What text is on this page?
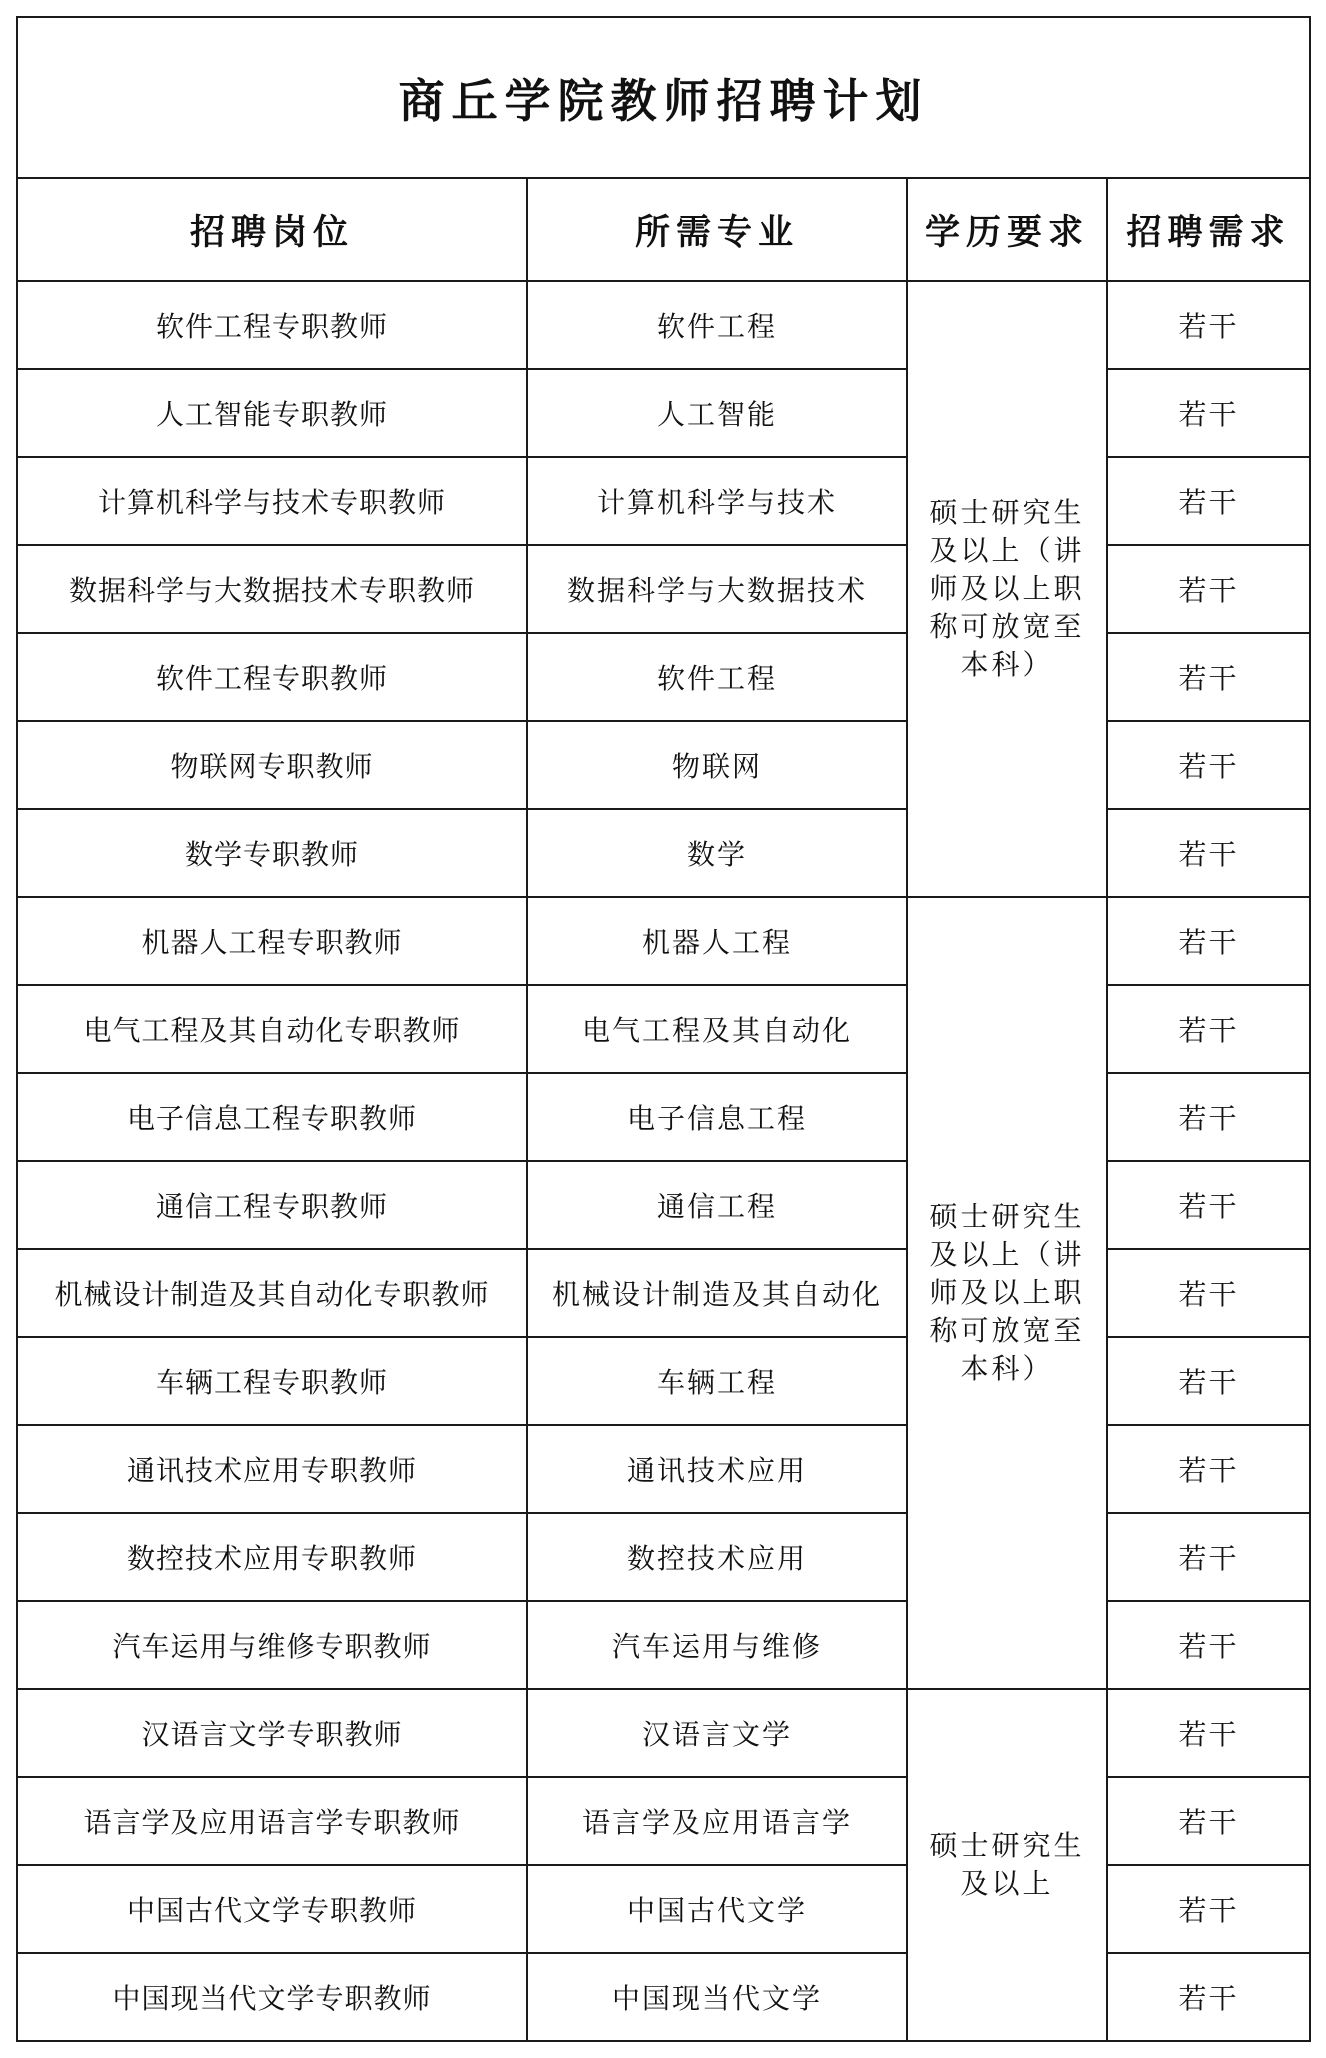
商丘学院教师招聘计划			
招聘岗位	所需专业	学历要求	招聘需求
软件工程专职教师	软件工程	硕士研究生及以上（讲师及以上职称可放宽至本科）	若干
人工智能专职教师	人工智能		若干
计算机科学与技术专职教师	计算机科学与技术		若干
数据科学与大数据技术专职教师	数据科学与大数据技术		若干
软件工程专职教师	软件工程		若干
物联网专职教师	物联网		若干
数学专职教师	数学		若干
机器人工程专职教师	机器人工程	硕士研究生及以上（讲师及以上职称可放宽至本科）	若干
电气工程及其自动化专职教师	电气工程及其自动化		若干
电子信息工程专职教师	电子信息工程		若干
通信工程专职教师	通信工程		若干
机械设计制造及其自动化专职教师	机械设计制造及其自动化		若干
车辆工程专职教师	车辆工程		若干
通讯技术应用专职教师	通讯技术应用		若干
数控技术应用专职教师	数控技术应用		若干
汽车运用与维修专职教师	汽车运用与维修		若干
汉语言文学专职教师	汉语言文学	硕士研究生及以上	若干
语言学及应用语言学专职教师	语言学及应用语言学		若干
中国古代文学专职教师	中国古代文学		若干
中国现当代文学专职教师	中国现当代文学		若干
